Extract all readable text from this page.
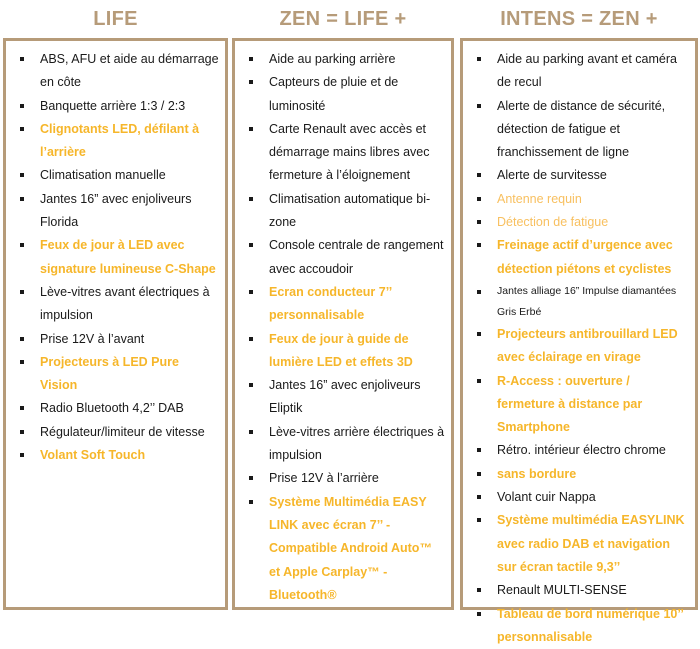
LIFE
ABS, AFU et aide au démarrage en côte
Banquette arrière 1:3 / 2:3
Clignotants LED, défilant à l’arrière
Climatisation manuelle
Jantes 16” avec enjoliveurs Florida
Feux de jour à LED avec signature lumineuse C-Shape
Lève-vitres avant électriques à impulsion
Prise 12V à l’avant
Projecteurs à LED Pure Vision
Radio Bluetooth 4,2’’ DAB
Régulateur/limiteur de vitesse
Volant Soft Touch
ZEN = LIFE +
Aide au parking arrière
Capteurs de pluie et de luminosité
Carte Renault avec accès et démarrage mains libres avec fermeture à l’éloignement
Climatisation automatique bi-zone
Console centrale de rangement avec accoudoir
Ecran conducteur 7’’ personnalisable
Feux de jour à guide de lumière LED et effets 3D
Jantes 16” avec enjoliveurs Eliptik
Lève-vitres arrière électriques à impulsion
Prise 12V à l’arrière
Système Multimédia EASY LINK avec écran 7’’ - Compatible Android Auto™ et Apple Carplay™ - Bluetooth®
INTENS = ZEN +
Aide au parking avant et caméra de recul
Alerte de distance de sécurité, détection de fatigue et franchissement de ligne
Alerte de survitesse
Antenne requin
Détection de fatigue
Freinage actif d’urgence avec détection piétons et cyclistes
Jantes alliage 16” Impulse diamantées Gris Erbé
Projecteurs antibrouillard LED avec éclairage en virage
R-Access : ouverture / fermeture à distance par Smartphone
Rétro. intérieur électro chrome
sans bordure
Volant cuir Nappa
Système multimédia EASYLINK avec radio DAB et navigation sur écran tactile 9,3’’
Renault MULTI-SENSE
Tableau de bord numérique 10’’ personnalisable
